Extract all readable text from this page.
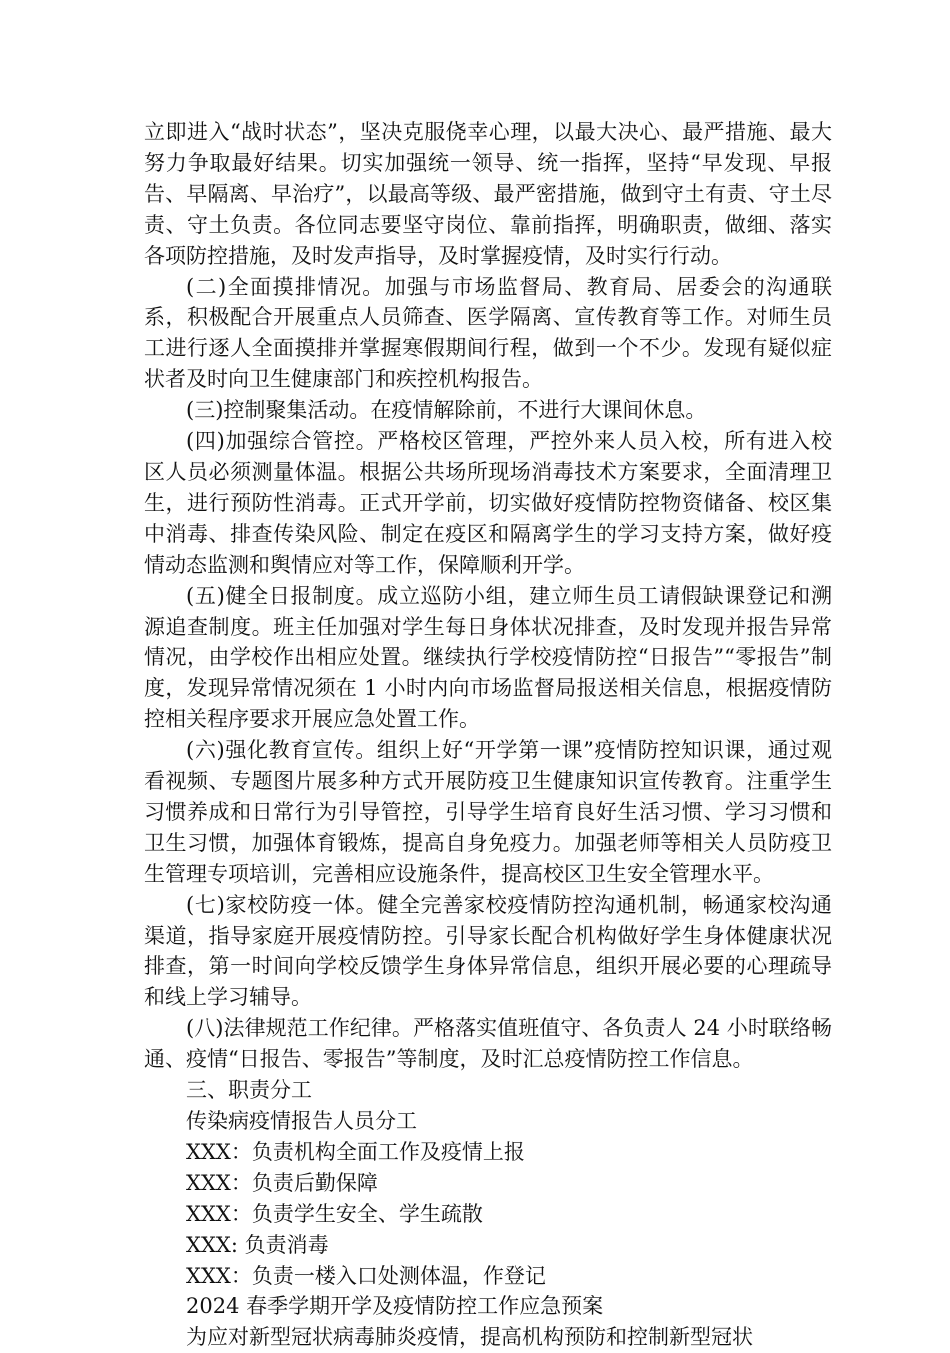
立即进入“战时状态”，坚决克服侥幸心理，以最大决心、最严措施、最大努力争取最好结果。切实加强统一领导、统一指挥，坚持“早发现、早报告、早隔离、早治疗”，以最高等级、最严密措施，做到守土有责、守土尽责、守土负责。各位同志要坚守岗位、靠前指挥，明确职责，做细、落实各项防控措施，及时发声指导，及时掌握疫情，及时实行行动。

(二)全面摸排情况。加强与市场监督局、教育局、居委会的沟通联系，积极配合开展重点人员筛查、医学隔离、宣传教育等工作。对师生员工进行逐人全面摸排并掌握寒假期间行程，做到一个不少。发现有疑似症状者及时向卫生健康部门和疾控机构报告。

(三)控制聚集活动。在疫情解除前，不进行大课间休息。

(四)加强综合管控。严格校区管理，严控外来人员入校，所有进入校区人员必须测量体温。根据公共场所现场消毒技术方案要求，全面清理卫生，进行预防性消毒。正式开学前，切实做好疫情防控物资储备、校区集中消毒、排查传染风险、制定在疫区和隔离学生的学习支持方案，做好疫情动态监测和舆情应对等工作，保障顺利开学。

(五)健全日报制度。成立巡防小组，建立师生员工请假缺课登记和溯源追查制度。班主任加强对学生每日身体状况排查，及时发现并报告异常情况，由学校作出相应处置。继续执行学校疫情防控“日报告”“零报告”制度，发现异常情况须在 1 小时内向市场监督局报送相关信息，根据疫情防控相关程序要求开展应急处置工作。

(六)强化教育宣传。组织上好“开学第一课”疫情防控知识课，通过观看视频、专题图片展多种方式开展防疫卫生健康知识宣传教育。注重学生习惯养成和日常行为引导管控，引导学生培育良好生活习惯、学习习惯和卫生习惯，加强体育锻炼，提高自身免疫力。加强老师等相关人员防疫卫生管理专项培训，完善相应设施条件，提高校区卫生安全管理水平。

(七)家校防疫一体。健全完善家校疫情防控沟通机制，畅通家校沟通渠道，指导家庭开展疫情防控。引导家长配合机构做好学生身体健康状况排查，第一时间向学校反馈学生身体异常信息，组织开展必要的心理疏导和线上学习辅导。

(八)法律规范工作纪律。严格落实值班值守、各负责人 24 小时联络畅通、疫情“日报告、零报告”等制度，及时汇总疫情防控工作信息。

三、职责分工

传染病疫情报告人员分工

XXX：负责机构全面工作及疫情上报

XXX：负责后勤保障

XXX：负责学生安全、学生疏散

XXX: 负责消毒

XXX：负责一楼入口处测体温，作登记

2024 春季学期开学及疫情防控工作应急预案

为应对新型冠状病毒肺炎疫情，提高机构预防和控制新型冠状
